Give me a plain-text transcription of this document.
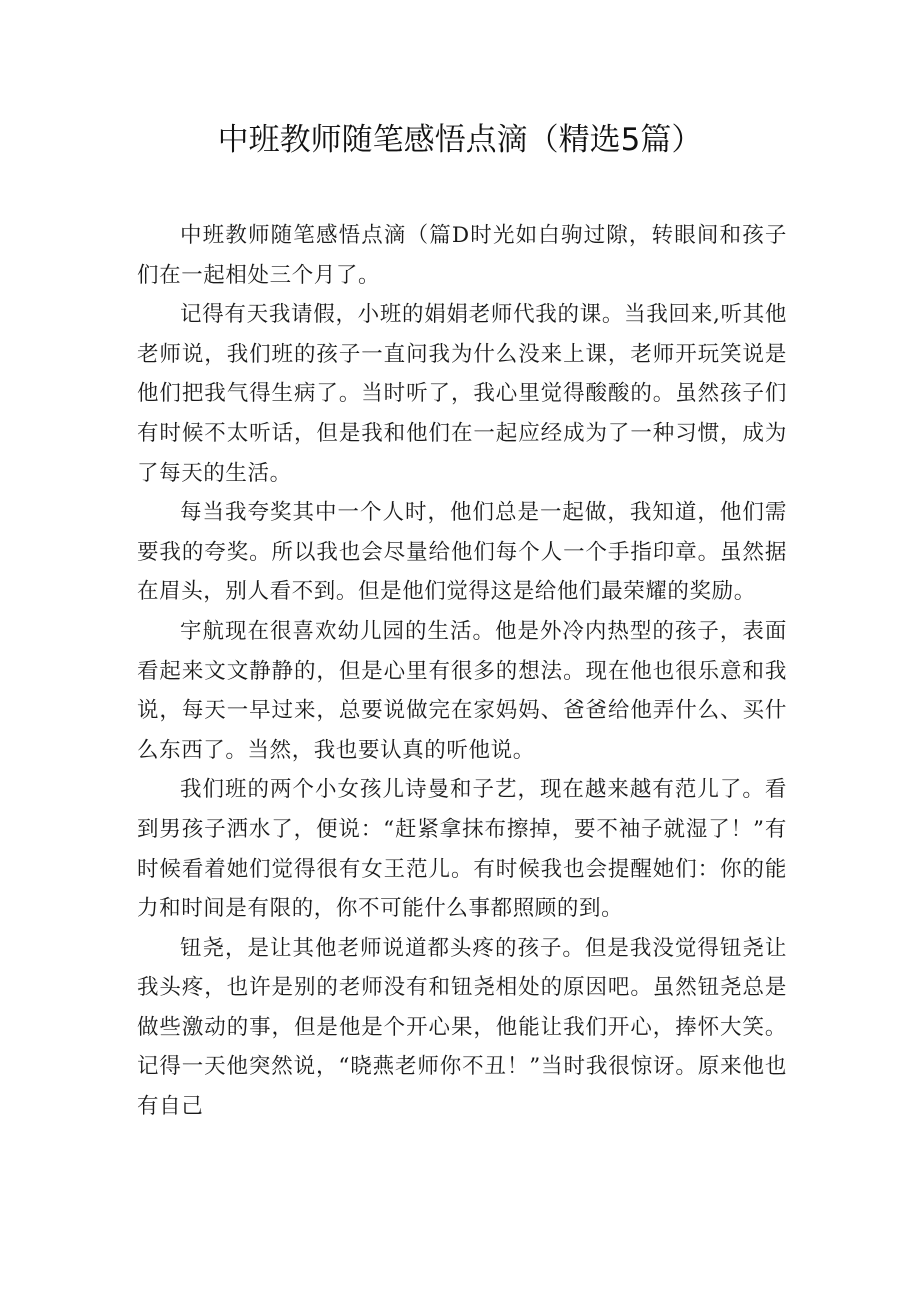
中班教师随笔感悟点滴（精选5篇）

中班教师随笔感悟点滴（篇D时光如白驹过隙，转眼间和孩子们在一起相处三个月了。

记得有天我请假，小班的娟娟老师代我的课。当我回来,听其他老师说，我们班的孩子一直问我为什么没来上课，老师开玩笑说是他们把我气得生病了。当时听了，我心里觉得酸酸的。虽然孩子们有时候不太听话，但是我和他们在一起应经成为了一种习惯，成为了每天的生活。

每当我夸奖其中一个人时，他们总是一起做，我知道，他们需要我的夸奖。所以我也会尽量给他们每个人一个手指印章。虽然据在眉头，别人看不到。但是他们觉得这是给他们最荣耀的奖励。

宇航现在很喜欢幼儿园的生活。他是外冷内热型的孩子，表面看起来文文静静的，但是心里有很多的想法。现在他也很乐意和我说，每天一早过来，总要说做完在家妈妈、爸爸给他弄什么、买什么东西了。当然，我也要认真的听他说。

我们班的两个小女孩儿诗曼和子艺，现在越来越有范儿了。看到男孩子洒水了，便说：“赶紧拿抹布擦掉，要不袖子就湿了！”有时候看着她们觉得很有女王范儿。有时候我也会提醒她们：你的能力和时间是有限的，你不可能什么事都照顾的到。

钮尧，是让其他老师说道都头疼的孩子。但是我没觉得钮尧让我头疼，也许是别的老师没有和钮尧相处的原因吧。虽然钮尧总是做些激动的事，但是他是个开心果，他能让我们开心，捧怀大笑。记得一天他突然说，“晓燕老师你不丑！”当时我很惊讶。原来他也有自己
